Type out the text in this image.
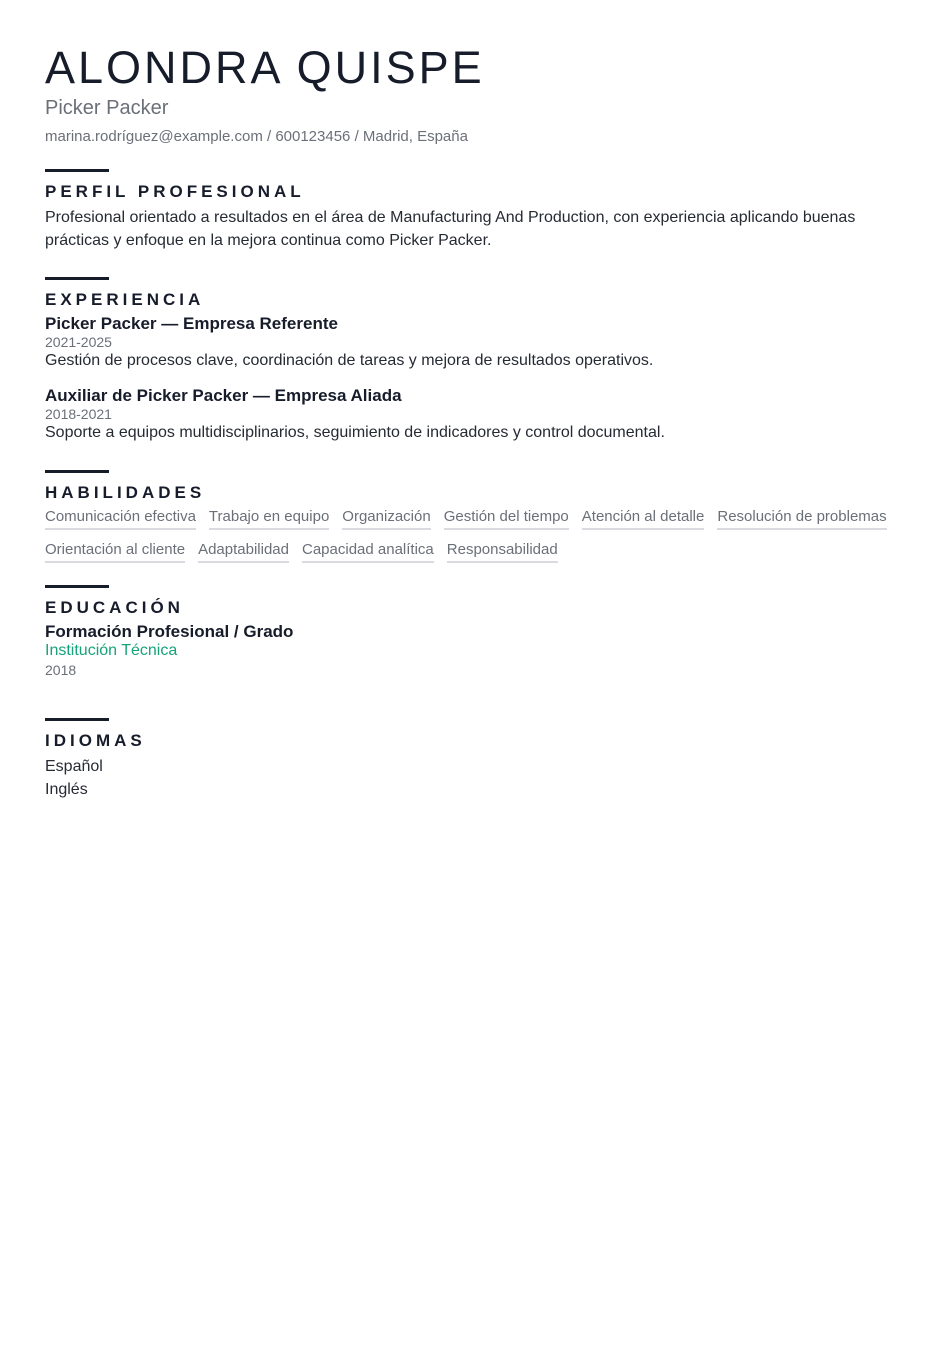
ALONDRA QUISPE
Picker Packer
marina.rodríguez@example.com / 600123456 / Madrid, España
PERFIL PROFESIONAL

Profesional orientado a resultados en el área de Manufacturing And Production, con experiencia aplicando buenas prácticas y enfoque en la mejora continua como Picker Packer.

EXPERIENCIA
Picker Packer — Empresa Referente
2021-2025
Gestión de procesos clave, coordinación de tareas y mejora de resultados operativos.
Auxiliar de Picker Packer — Empresa Aliada
2018-2021
Soporte a equipos multidisciplinarios, seguimiento de indicadores y control documental.
HABILIDADES
Comunicación efectiva Trabajo en equipo Organización Gestión del tiempo Atención al detalle Resolución de problemas
Orientación al cliente Adaptabilidad Capacidad analítica Responsabilidad
EDUCACIÓN
Formación Profesional / Grado
Institución Técnica
2018
IDIOMAS
Español
Inglés
